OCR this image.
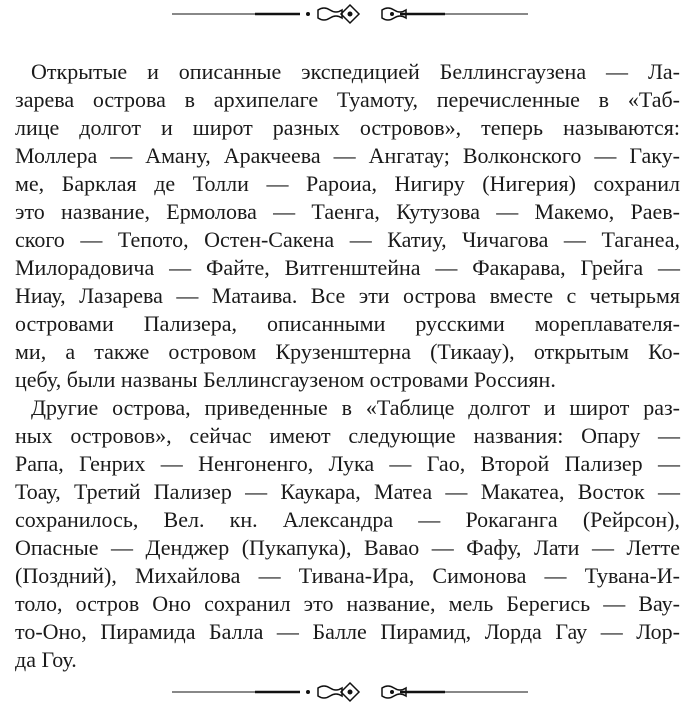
Открытые и описанные экспедицией Беллинсгаузена — Ла-
зарева острова в архипелаге Туамоту, перечисленные в «Таб-
лице долгот и широт разных островов», теперь называются:
Моллера — Аману, Аракчеева — Ангатау; Волконского — Гаку-
ме, Барклая де Толли — Рароиа, Нигиру (Нигерия) сохранил
это название, Ермолова — Таенга, Кутузова — Макемо, Раев-
ского — Тепото, Остен-Сакена — Катиу, Чичагова — Таганеа,
Милорадовича — Файте, Витгенштейна — Факарава, Грейга —
Ниау, Лазарева — Матаива. Все эти острова вместе с четырьмя
островами Пализера, описанными русскими мореплавателя-
ми, а также островом Крузенштерна (Тикаау), открытым Ко-
цебу, были названы Беллинсгаузеном островами Россиян.
Другие острова, приведенные в «Таблице долгот и широт раз-
ных островов», сейчас имеют следующие названия: Опару —
Рапа, Генрих — Ненгоненго, Лука — Гао, Второй Пализер —
Тоау, Третий Пализер — Каукара, Матеа — Макатеа, Восток —
сохранилось, Вел. кн. Александра — Рокаганга (Рейрсон),
Опасные — Денджер (Пукапука), Вавао — Фафу, Лати — Летте
(Поздний), Михайлова — Тивана-Ира, Симонова — Тувана-И-
толо, остров Оно сохранил это название, мель Берегись — Вау-
то-Оно, Пирамида Балла — Балле Пирамид, Лорда Гау — Лор-
да Гоу.
